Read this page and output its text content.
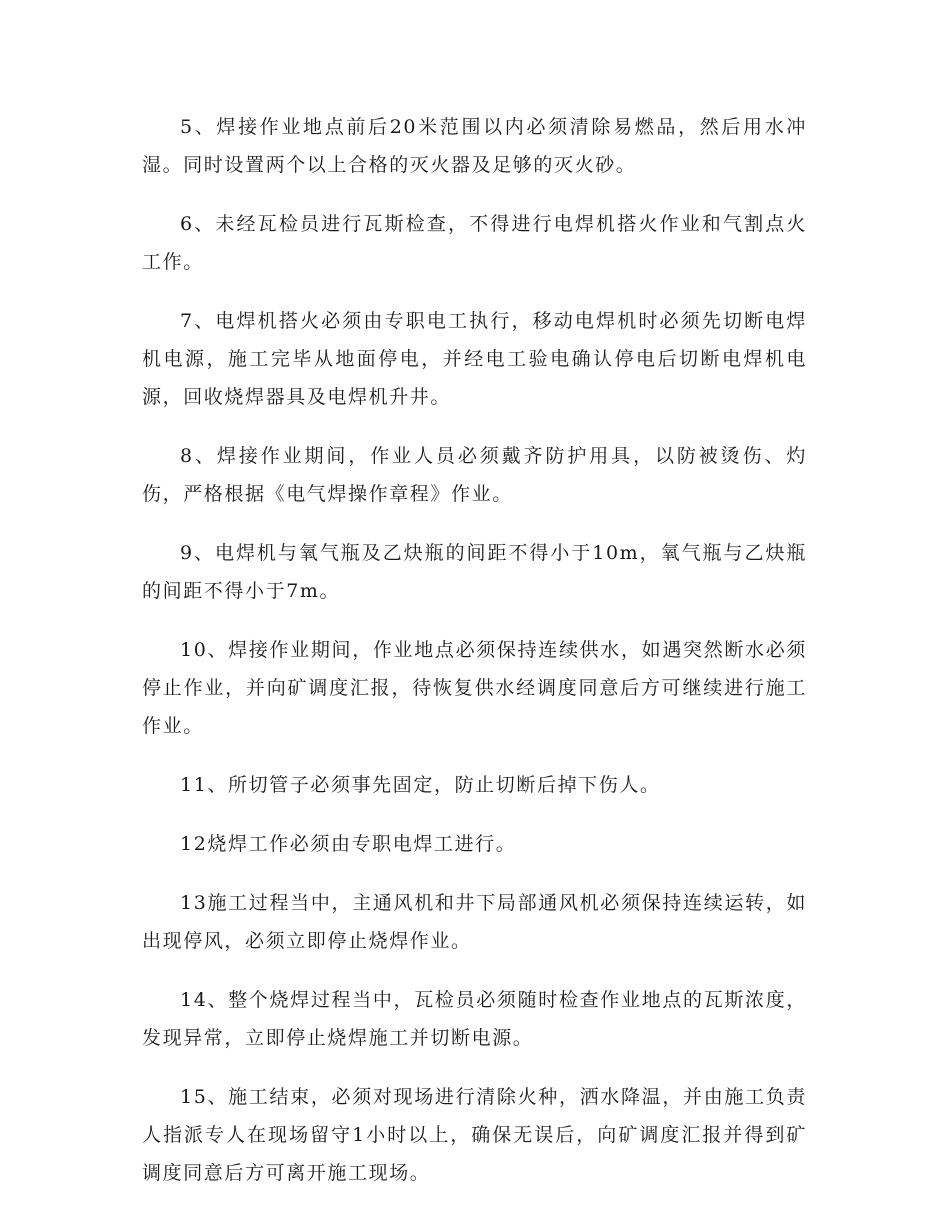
5、焊接作业地点前后20米范围以内必须清除易燃品，然后用水冲湿。同时设置两个以上合格的灭火器及足够的灭火砂。

6、未经瓦检员进行瓦斯检查，不得进行电焊机搭火作业和气割点火工作。

7、电焊机搭火必须由专职电工执行，移动电焊机时必须先切断电焊机电源，施工完毕从地面停电，并经电工验电确认停电后切断电焊机电源，回收烧焊器具及电焊机升井。

8、焊接作业期间，作业人员必须戴齐防护用具，以防被烫伤、灼伤，严格根据《电气焊操作章程》作业。

9、电焊机与氧气瓶及乙炔瓶的间距不得小于10m，氧气瓶与乙炔瓶的间距不得小于7m。

10、焊接作业期间，作业地点必须保持连续供水，如遇突然断水必须停止作业，并向矿调度汇报，待恢复供水经调度同意后方可继续进行施工作业。

11、所切管子必须事先固定，防止切断后掉下伤人。

12烧焊工作必须由专职电焊工进行。

13施工过程当中，主通风机和井下局部通风机必须保持连续运转，如出现停风，必须立即停止烧焊作业。

14、整个烧焊过程当中，瓦检员必须随时检查作业地点的瓦斯浓度，发现异常，立即停止烧焊施工并切断电源。

15、施工结束，必须对现场进行清除火种，洒水降温，并由施工负责人指派专人在现场留守1小时以上，确保无误后，向矿调度汇报并得到矿调度同意后方可离开施工现场。
